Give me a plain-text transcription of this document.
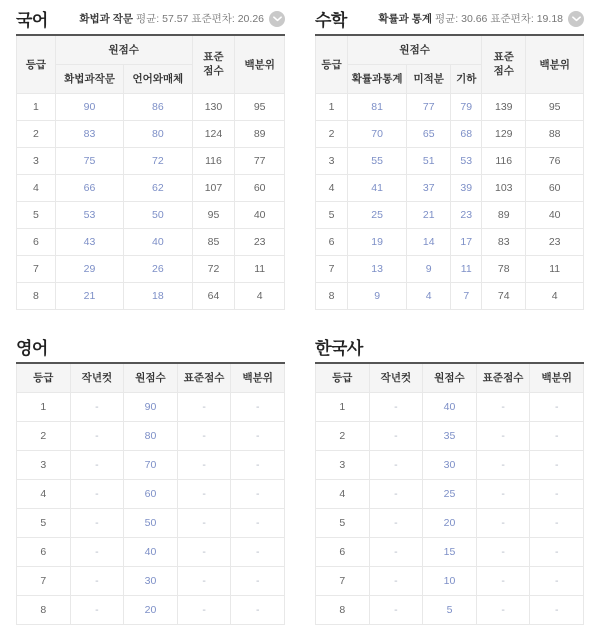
국어	화법과 작문 평균: 57.57 표준편차: 20.26
등급	원점수		표준점수	백분위
	화법과작문	언어와매체		
1	90	86	130	95
2	83	80	124	89
3	75	72	116	77
4	66	62	107	60
5	53	50	95	40
6	43	40	85	23
7	29	26	72	11
8	21	18	64	4
수학	확률과 통계 평균: 30.66 표준편차: 19.18
등급	원점수			표준점수	백분위
	확률과통계	미적분	기하		
1	81	77	79	139	95
2	70	65	68	129	88
3	55	51	53	116	76
4	41	37	39	103	60
5	25	21	23	89	40
6	19	14	17	83	23
7	13	9	11	78	11
8	9	4	7	74	4
영어
등급	작년컷	원점수	표준점수	백분위
1	-	90	-	-
2	-	80	-	-
3	-	70	-	-
4	-	60	-	-
5	-	50	-	-
6	-	40	-	-
7	-	30	-	-
8	-	20	-	-
한국사
등급	작년컷	원점수	표준점수	백분위
1	-	40	-	-
2	-	35	-	-
3	-	30	-	-
4	-	25	-	-
5	-	20	-	-
6	-	15	-	-
7	-	10	-	-
8	-	5	-	-
